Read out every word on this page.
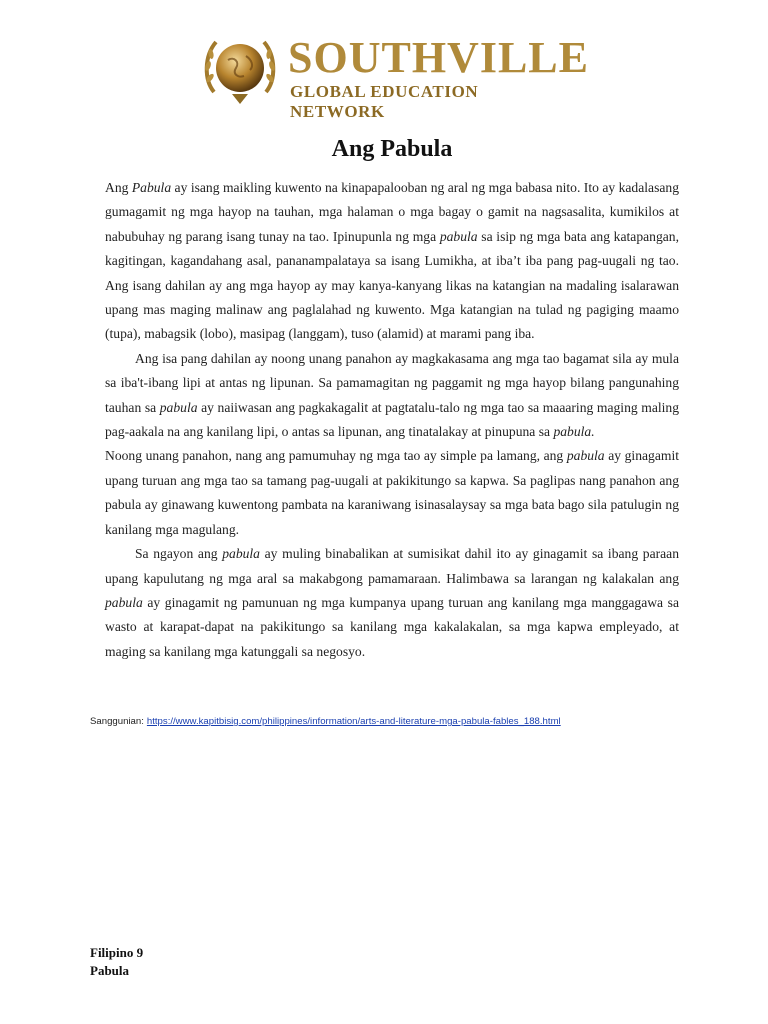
SOUTHVILLE
GLOBAL EDUCATION NETWORK
Ang Pabula

Ang Pabula ay isang maikling kuwento na kinapapalooban ng aral ng mga babasa nito. Ito ay kadalasang gumagamit ng mga hayop na tauhan, mga halaman o mga bagay o gamit na nagsasalita, kumikilos at nabubuhay ng parang isang tunay na tao. Ipinupunla ng mga pabula sa isip ng mga bata ang katapangan, kagitingan, kagandahang asal, pananampalataya sa isang Lumikha, at iba’t iba pang pag-uugali ng tao. Ang isang dahilan ay ang mga hayop ay may kanya-kanyang likas na katangian na madaling isalarawan upang mas maging malinaw ang paglalahad ng kuwento. Mga katangian na tulad ng pagiging maamo (tupa), mabagsik (lobo), masipag (langgam), tuso (alamid) at marami pang iba.

Ang isa pang dahilan ay noong unang panahon ay magkakasama ang mga tao bagamat sila ay mula sa iba't-ibang lipi at antas ng lipunan. Sa pamamagitan ng paggamit ng mga hayop bilang pangunahing tauhan sa pabula ay naiiwasan ang pagkakagalit at pagtatalu-talo ng mga tao sa maaaring maging maling pag-aakala na ang kanilang lipi, o antas sa lipunan, ang tinatalakay at pinupuna sa pabula.

Noong unang panahon, nang ang pamumuhay ng mga tao ay simple pa lamang, ang pabula ay ginagamit upang turuan ang mga tao sa tamang pag-uugali at pakikitungo sa kapwa. Sa paglipas nang panahon ang pabula ay ginawang kuwentong pambata na karaniwang isinasalaysay sa mga bata bago sila patulugin ng kanilang mga magulang.

Sa ngayon ang pabula ay muling binabalikan at sumisikat dahil ito ay ginagamit sa ibang paraan upang kapulutang ng mga aral sa makabgong pamamaraan. Halimbawa sa larangan ng kalakalan ang pabula ay ginagamit ng pamunuan ng mga kumpanya upang turuan ang kanilang mga manggagawa sa wasto at karapat-dapat na pakikitungo sa kanilang mga kakalakalan, sa mga kapwa empleyado, at maging sa kanilang mga katunggali sa negosyo.

Sanggunian: https://www.kapitbisig.com/philippines/information/arts-and-literature-mga-pabula-fables_188.html
Filipino 9
Pabula
